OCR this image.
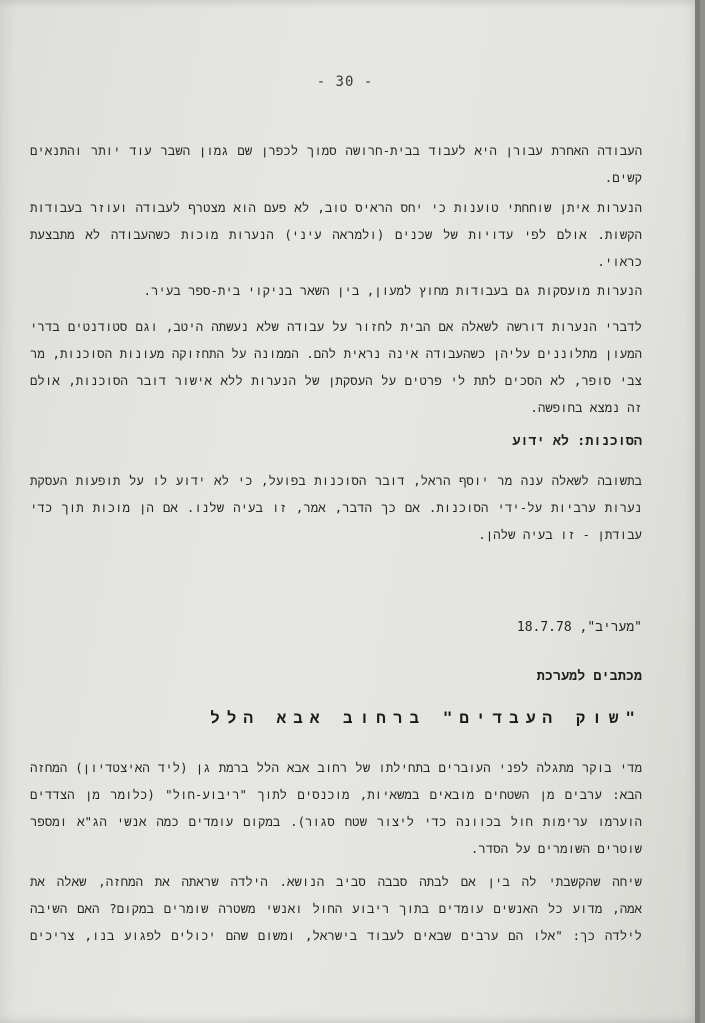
- 30 -
העבודה האחרת עבורן היא לעבוד בבית-חרושה סמוך לכפרן שם גמון השבר עוד יותר והתנאים
קשים.
הנערות איתן שוחחתי טוענות כי יחס הראיס טוב, לא פעם הוא מצטרף לעבודה ועוזר בעבודות
הקשות. אולם לפי עדויות של שכנים (ולמראה עיני) הנערות מוכות כשהעבודה לא מתבצעת
כראוי.
הנערות מועסקות גם בעבודות מחוץ למעון, בין השאר בניקוי בית-ספר בעיר.
לדברי הנערות דורשה לשאלה אם הבית לחזור על עבודה שלא נעשתה היטב, וגם סטודנטים בדרי
המעון מתלוננים עליהן כשהעבודה אינה נראית להם. הממונה על התחזוקה מעונות הסוכנות, מר
צבי סופר, לא הסכים לתת לי פרטים על העסקתן של הנערות ללא אישור דובר הסוכנות, אולם
זה נמצא בחופשה.
הסוכנות: לא ידוע
בתשובה לשאלה ענה מר יוסף הראל, דובר הסוכנות בפועל, כי לא ידוע לו על תופעות העסקת
נערות ערביות על-ידי הסוכנות. אם כך הדבר, אמר, זו בעיה שלנו. אם הן מוכות תוך כדי
עבודתן - זו בעיה שלהן.
"מעריב", 18.7.78
מכתבים למערכת
"שוק העבדים" ברחוב אבא הלל
מדי בוקר מתגלה לפני העוברים בתחילתו של רחוב אבא הלל ברמת גן (ליד האיצטדיון) המחזה
הבא: ערבים מן השטחים מובאים במשאיות, מוכנסים לתוך "ריבוע-חול" (כלומר מן הצדדים
הוערמו ערימות חול בכוונה כדי ליצור שטח סגור). במקום עומדים כמה אנשי הג"א ומספר
שוטרים השומרים על הסדר.
שיחה שהקשבתי לה בין אם לבתה סבבה סביב הנושא. הילדה שראתה את המחזה, שאלה את
אמה, מדוע כל האנשים עומדים בתוך ריבוע החול ואנשי משטרה שומרים במקום? האם השיבה
לילדה כך: "אלו הם ערבים שבאים לעבוד בישראל, ומשום שהם יכולים לפגוע בנו, צריכים
